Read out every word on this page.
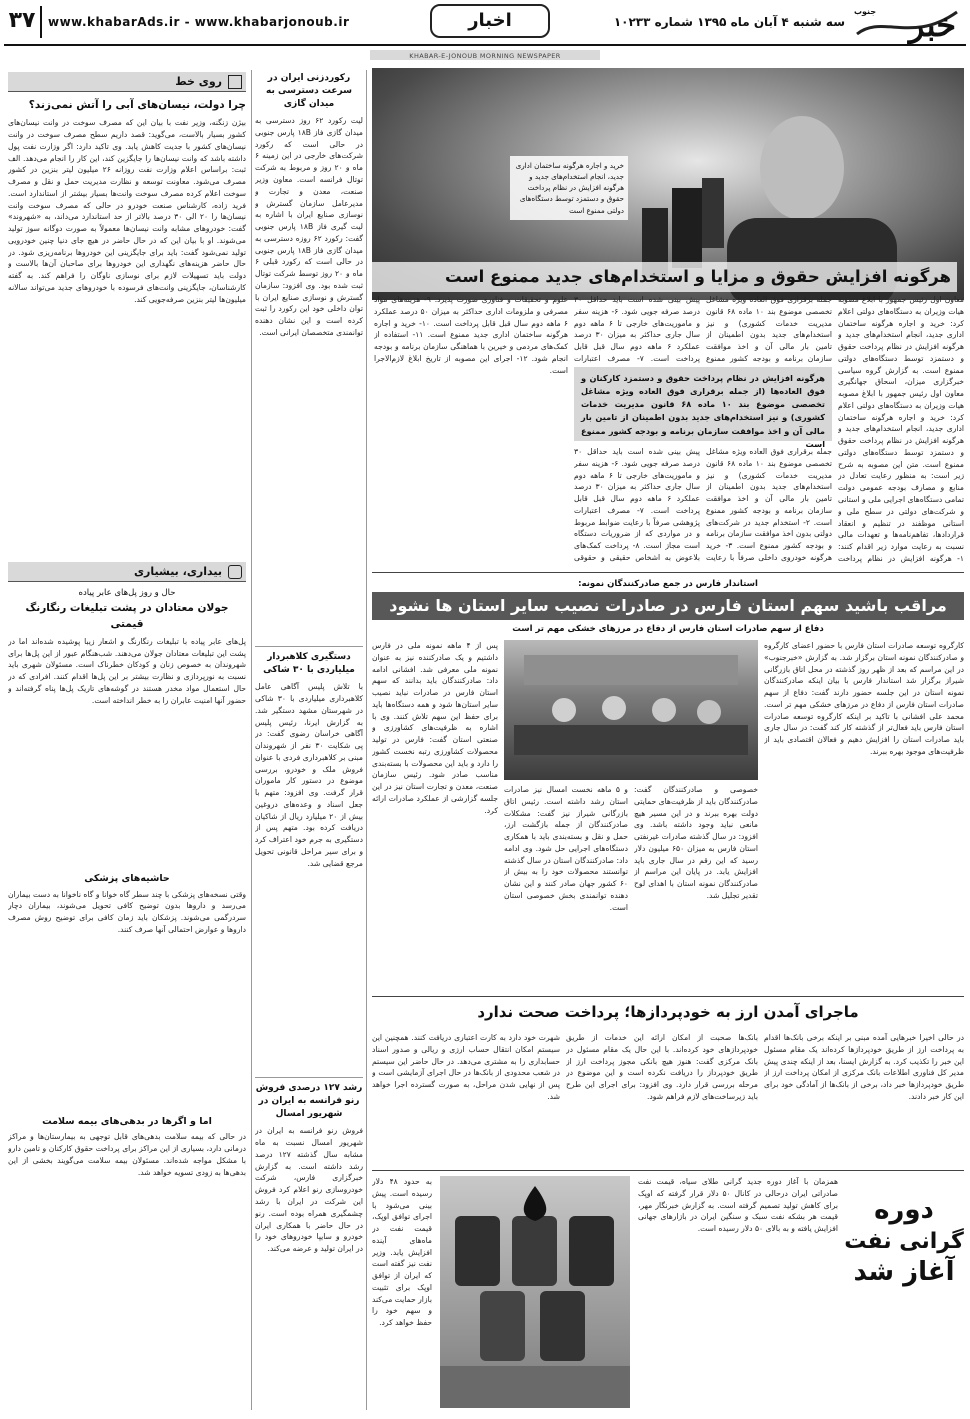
خبر
جنوب
سه شنبه ۴ آبان ماه ۱۳۹۵ شماره ۱۰۲۳۳
اخبار
www.khabarAds.ir - www.khabarjonoub.ir
۳۷
KHABAR-E-JONOUB MORNING NEWSPAPER
روی خط
چرا دولت، نیسان‌های آبی را آتش نمی‌زند؟
بیژن زنگنه، وزیر نفت با بیان این که مصرف سوخت در وانت نیسان‌های کشور بسیار بالاست، می‌گوید: قصد داریم سطح مصرف سوخت در وانت نیسان‌های کشور با جدیت کاهش یابد. وی تاکید دارد: اگر وزارت نفت پول داشته باشد که وانت نیسان‌ها را جایگزین کند، این کار را انجام می‌دهد. الف ثبت: براساس اعلام وزارت نفت روزانه ۲۶ میلیون لیتر بنزین در کشور مصرف می‌شود. معاونت توسعه و نظارت مدیریت حمل و نقل و مصرف سوخت اعلام کرده مصرف سوخت وانت‌ها بسیار بیشتر از استاندارد است. فرید زاده، کارشناس صنعت خودرو در حالی که مصرف سوخت وانت نیسان‌ها را ۲۰ الی ۳۰ درصد بالاتر از حد استاندارد می‌داند، به «شهروند» گفت: خودروهای مشابه وانت نیسان‌ها معمولاً به صورت دوگانه سوز تولید می‌شوند. او با بیان این که در حال حاضر در هیچ جای دنیا چنین خودرویی تولید نمی‌شود گفت: باید برای جایگزینی این خودروها برنامه‌ریزی شود. در حال حاضر هزینه‌های نگهداری این خودروها برای صاحبان آن‌ها بالاست و دولت باید تسهیلات لازم برای نوسازی ناوگان را فراهم کند. به گفته کارشناسان، جایگزینی وانت‌های فرسوده با خودروهای جدید می‌تواند سالانه میلیون‌ها لیتر بنزین صرفه‌جویی کند.
بیداری، بیشیاری
حال و روز پل‌های عابر پیاده
جولان معتادان در پشت تبلیغات رنگارنگ قیمتی
پل‌های عابر پیاده با تبلیغات رنگارنگ و اشعار زیبا پوشیده شده‌اند اما در پشت این تبلیغات معتادان جولان می‌دهند. شب‌هنگام عبور از این پل‌ها برای شهروندان به خصوص زنان و کودکان خطرناک است. مسئولان شهری باید نسبت به نورپردازی و نظارت بیشتر بر این پل‌ها اقدام کنند. افرادی که در حال استعمال مواد مخدر هستند در گوشه‌های تاریک پل‌ها پناه گرفته‌اند و حضور آنها امنیت عابران را به خطر انداخته است.
حاشیه‌های پزشکی
وقتی نسخه‌های پزشکی با چند سطر گاه خوانا و گاه ناخوانا به دست بیماران می‌رسد و داروها بدون توضیح کافی تحویل می‌شوند، بیماران دچار سردرگمی می‌شوند. پزشکان باید زمان کافی برای توضیح روش مصرف داروها و عوارض احتمالی آنها صرف کنند.
اما و اگرها در بدهی‌های بیمه سلامت
در حالی که بیمه سلامت بدهی‌های قابل توجهی به بیمارستان‌ها و مراکز درمانی دارد، بسیاری از این مراکز برای پرداخت حقوق کارکنان و تامین دارو با مشکل مواجه شده‌اند. مسئولان بیمه سلامت می‌گویند بخشی از این بدهی‌ها به زودی تسویه خواهد شد.
رکوردزنی ایران در سرعت دسترسی به میدان گازی
لیت رکورد ۶۲ روز دسترسی به میدان گازی فاز ۱۸B پارس جنوبی در حالی است که رکورد شرکت‌های خارجی در این زمینه ۶ ماه و ۲۰ روز و مربوط به شرکت توتال فرانسه است. معاون وزیر صنعت، معدن و تجارت و مدیرعامل سازمان گسترش و نوسازی صنایع ایران با اشاره به لیت گیری فاز ۱۸B پارس جنوبی گفت: رکورد ۶۲ روزه دسترسی به میدان گازی فاز ۱۸B پارس جنوبی در حالی است که رکورد قبلی ۶ ماه و ۲۰ روز توسط شرکت توتال ثبت شده بود. وی افزود: سازمان گسترش و نوسازی صنایع ایران با توان داخلی خود این رکورد را ثبت کرده است و این نشان دهنده توانمندی متخصصان ایرانی است.
دستگیری کلاهبردار میلیاردی با ۳۰ شاکی
با تلاش پلیس آگاهی عامل کلاهبرداری میلیاردی با ۳۰ شاکی در شهرستان مشهد دستگیر شد. به گزارش ایرنا، رئیس پلیس آگاهی خراسان رضوی گفت: در پی شکایت ۳۰ نفر از شهروندان مبنی بر کلاهبرداری فردی با عنوان فروش ملک و خودرو، بررسی موضوع در دستور کار ماموران قرار گرفت. وی افزود: متهم با جعل اسناد و وعده‌های دروغین بیش از ۲۰ میلیارد ریال از شاکیان دریافت کرده بود. متهم پس از دستگیری به جرم خود اعتراف کرد و برای سیر مراحل قانونی تحویل مرجع قضایی شد.
رشد ۱۲۷ درصدی فروش رنو فرانسه به ایران در شهریور امسال
فروش رنو فرانسه به ایران در شهریور امسال نسبت به ماه مشابه سال گذشته ۱۲۷ درصد رشد داشته است. به گزارش خبرگزاری فارس، شرکت خودروسازی رنو اعلام کرد فروش این شرکت در ایران با رشد چشمگیری همراه بوده است. رنو در حال حاضر با همکاری ایران خودرو و سایپا خودروهای خود را در ایران تولید و عرضه می‌کند.
خرید و اجاره هرگونه ساختمان اداری جدید، انجام استخدام‌های جدید و هرگونه افزایش در نظام پرداخت حقوق و دستمزد توسط دستگاه‌های دولتی ممنوع است
هرگونه افزایش حقوق و مزایا و استخدام‌های جدید ممنوع است
معاون اول رئیس جمهور با ابلاغ مصوبه هیات وزیران به دستگاه‌های دولتی اعلام کرد: خرید و اجاره هرگونه ساختمان اداری جدید، انجام استخدام‌های جدید و هرگونه افزایش در نظام پرداخت حقوق و دستمزد توسط دستگاه‌های دولتی ممنوع است. به گزارش گروه سیاسی خبرگزاری میزان، اسحاق جهانگیری معاون اول رئیس جمهور با ابلاغ مصوبه هیات وزیران به دستگاه‌های دولتی اعلام کرد: خرید و اجاره هرگونه ساختمان اداری جدید، انجام استخدام‌های جدید و هرگونه افزایش در نظام پرداخت حقوق و دستمزد توسط دستگاه‌های دولتی ممنوع است. متن این مصوبه به شرح زیر است: به منظور رعایت تعادل در منابع و مصارف بودجه عمومی دولت تمامی دستگاه‌های اجرایی ملی و استانی و شرکت‌های دولتی در سطح ملی و استانی موظفند در تنظیم و انعقاد قراردادها، تفاهم‌نامه‌ها و تعهدات مالی نسبت به رعایت موارد زیر اقدام کنند: ۱- هرگونه افزایش در نظام پرداخت
جمله برقراری فوق العاده ویژه مشاغل تخصصی موضوع بند ۱۰ ماده ۶۸ قانون مدیریت خدمات کشوری) و نیز استخدام‌های جدید بدون اطمینان از تامین بار مالی آن و اخذ موافقت سازمان برنامه و بودجه کشور ممنوع
پیش بینی شده است باید حداقل ۳۰ درصد صرفه جویی شود. ۶- هزینه سفر و ماموریت‌های خارجی تا ۶ ماهه دوم سال جاری حداکثر به میزان ۳۰ درصد عملکرد ۶ ماهه دوم سال قبل قابل پرداخت است. ۷- مصرف اعتبارات
علوم و تحقیقات و فناوری صورت پذیرد. ۹- هزینه‌های مواد مصرفی و ملزومات اداری حداکثر به میزان ۵۰ درصد عملکرد ۶ ماهه دوم سال قبل قابل پرداخت است. ۱۰- خرید و اجاره هرگونه ساختمان اداری جدید ممنوع است. ۱۱- استفاده از کمک‌های مردمی و خیرین با هماهنگی سازمان برنامه و بودجه انجام شود. ۱۲- اجرای این مصوبه از تاریخ ابلاغ لازم‌الاجرا است.
هرگونه افزایش در نظام پرداخت حقوق و دستمزد کارکنان و فوق العاده‌ها (از جمله برقراری فوق العاده ویژه مشاغل تخصصی موضوع بند ۱۰ ماده ۶۸ قانون مدیریت خدمات کشوری) و نیز استخدام‌های جدید بدون اطمینان از تامین بار مالی آن و اخذ موافقت سازمان برنامه و بودجه کشور ممنوع است
جمله برقراری فوق العاده ویژه مشاغل تخصصی موضوع بند ۱۰ ماده ۶۸ قانون مدیریت خدمات کشوری) و نیز استخدام‌های جدید بدون اطمینان از تامین بار مالی آن و اخذ موافقت سازمان برنامه و بودجه کشور ممنوع است. ۲- استخدام جدید در شرکت‌های دولتی بدون اخذ موافقت سازمان برنامه و بودجه کشور ممنوع است. ۳- خرید هرگونه خودروی داخلی صرفاً با رعایت
پیش بینی شده است باید حداقل ۳۰ درصد صرفه جویی شود. ۶- هزینه سفر و ماموریت‌های خارجی تا ۶ ماهه دوم سال جاری حداکثر به میزان ۳۰ درصد عملکرد ۶ ماهه دوم سال قبل قابل پرداخت است. ۷- مصرف اعتبارات پژوهشی صرفاً با رعایت ضوابط مربوط و در مواردی که از ضروریات دستگاه است مجاز است. ۸- پرداخت کمک‌های بلاعوض به اشخاص حقیقی و حقوقی
استاندار فارس در جمع صادرکنندگان نمونه:
مراقب باشید سهم استان فارس در صادرات نصیب سایر استان ها نشود
دفاع از سهم صادرات استان فارس از دفاع در مرزهای خشکی مهم تر است
کارگروه توسعه صادرات استان فارس با حضور اعضای کارگروه و صادرکنندگان نمونه استان برگزار شد. به گزارش «خبرجنوب» در این مراسم که بعد از ظهر روز گذشته در محل اتاق بازرگانی شیراز برگزار شد استاندار فارس با بیان اینکه صادرکنندگان نمونه استان در این جلسه حضور دارند گفت: دفاع از سهم صادرات استان فارس از دفاع در مرزهای خشکی مهم تر است. محمد علی افشانی با تاکید بر اینکه کارگروه توسعه صادرات استان فارس باید فعال‌تر از گذشته کار کند گفت: در سال جاری باید صادرات استان را افزایش دهیم و فعالان اقتصادی باید از ظرفیت‌های موجود بهره ببرند.
پس از ۴ ماهه نمونه ملی در فارس داشتیم و یک صادرکننده نیز به عنوان نمونه ملی معرفی شد. افشانی ادامه داد: صادرکنندگان باید بدانند که سهم استان فارس در صادرات نباید نصیب سایر استان‌ها شود و همه دستگاه‌ها باید برای حفظ این سهم تلاش کنند. وی با اشاره به ظرفیت‌های کشاورزی و صنعتی استان گفت: فارس در تولید محصولات کشاورزی رتبه نخست کشور را دارد و باید این محصولات با بسته‌بندی مناسب صادر شود. رئیس سازمان صنعت، معدن و تجارت استان نیز در این جلسه گزارشی از عملکرد صادرات ارائه کرد.
خصوصی و صادرکنندگان گفت: صادرکنندگان باید از ظرفیت‌های حمایتی دولت بهره ببرند و در این مسیر هیچ مانعی نباید وجود داشته باشد. وی افزود: در سال گذشته صادرات غیرنفتی استان فارس به میزان ۶۵۰ میلیون دلار رسید که این رقم در سال جاری باید افزایش یابد. در پایان این مراسم از صادرکنندگان نمونه استان با اهدای لوح تقدیر تجلیل شد.
و ۵ ماهه نخست امسال نیز صادرات استان رشد داشته است. رئیس اتاق بازرگانی شیراز نیز گفت: مشکلات صادرکنندگان از جمله بازگشت ارز، حمل و نقل و بسته‌بندی باید با همکاری دستگاه‌های اجرایی حل شود. وی ادامه داد: صادرکنندگان استان در سال گذشته توانستند محصولات خود را به بیش از ۶۰ کشور جهان صادر کنند و این نشان دهنده توانمندی بخش خصوصی استان است.
ماجرای آمدن ارز به خودپردازها؛ پرداخت صحت ندارد
در حالی اخیرا خبرهایی آمده مبنی بر اینکه برخی بانک‌ها اقدام به پرداخت ارز از طریق خودپردازها کرده‌اند یک مقام مسئول این خبر را تکذیب کرد. به گزارش ایسنا، بعد از اینکه چندی پیش مدیر کل فناوری اطلاعات بانک مرکزی از امکان پرداخت ارز از طریق خودپردازها خبر داد، برخی از بانک‌ها از آمادگی خود برای این کار خبر دادند.
بانک‌ها صحبت از امکان ارائه این خدمات از طریق خودپردازهای خود کرده‌اند. با این حال یک مقام مسئول در بانک مرکزی گفت: هنوز هیچ بانکی مجوز پرداخت ارز از طریق خودپرداز را دریافت نکرده است و این موضوع در مرحله بررسی قرار دارد. وی افزود: برای اجرای این طرح باید زیرساخت‌های لازم فراهم شود.
شهرت خود دارد به کارت اعتباری دریافت کنند. همچنین این سیستم امکان انتقال حساب ارزی و ریالی و صدور اسناد حسابداری را به مشتری می‌دهد. در حال حاضر این سیستم در شعب محدودی از بانک‌ها در حال اجرای آزمایشی است و پس از نهایی شدن مراحل، به صورت گسترده اجرا خواهد شد.
دوره
گرانی نفت
آغاز شد
همزمان با آغاز دوره جدید گرانی طلای سیاه، قیمت نفت صادراتی ایران درحالی در کانال ۵۰ دلار قرار گرفته که اوپک برای کاهش تولید تصمیم گرفته است. به گزارش خبرنگار مهر، قیمت هر بشکه نفت سبک و سنگین ایران در بازارهای جهانی افزایش یافته و به بالای ۵۰ دلار رسیده است.
به حدود ۴۸ دلار رسیده است. پیش بینی می‌شود با اجرای توافق اوپک، قیمت نفت در ماه‌های آینده افزایش یابد. وزیر نفت نیز گفته است که ایران از توافق اوپک برای تثبیت بازار حمایت می‌کند و سهم خود را حفظ خواهد کرد.
